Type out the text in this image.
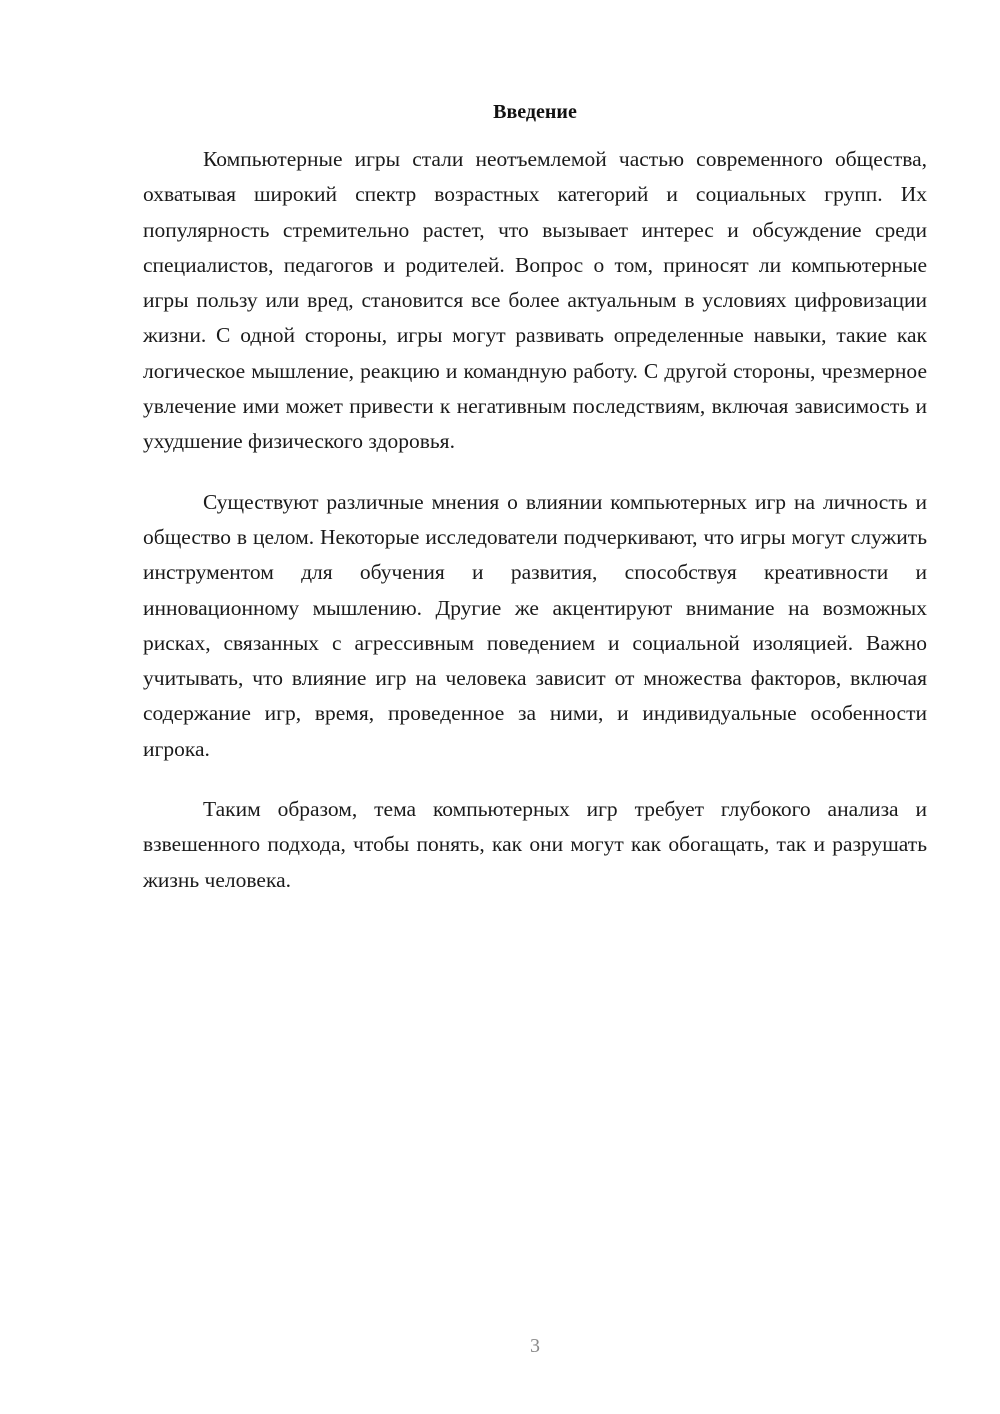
Введение

Компьютерные игры стали неотъемлемой частью современного общества, охватывая широкий спектр возрастных категорий и социальных групп. Их популярность стремительно растет, что вызывает интерес и обсуждение среди специалистов, педагогов и родителей. Вопрос о том, приносят ли компьютерные игры пользу или вред, становится все более актуальным в условиях цифровизации жизни. С одной стороны, игры могут развивать определенные навыки, такие как логическое мышление, реакцию и командную работу. С другой стороны, чрезмерное увлечение ими может привести к негативным последствиям, включая зависимость и ухудшение физического здоровья.

Существуют различные мнения о влиянии компьютерных игр на личность и общество в целом. Некоторые исследователи подчеркивают, что игры могут служить инструментом для обучения и развития, способствуя креативности и инновационному мышлению. Другие же акцентируют внимание на возможных рисках, связанных с агрессивным поведением и социальной изоляцией. Важно учитывать, что влияние игр на человека зависит от множества факторов, включая содержание игр, время, проведенное за ними, и индивидуальные особенности игрока.

Таким образом, тема компьютерных игр требует глубокого анализа и взвешенного подхода, чтобы понять, как они могут как обогащать, так и разрушать жизнь человека.

3
